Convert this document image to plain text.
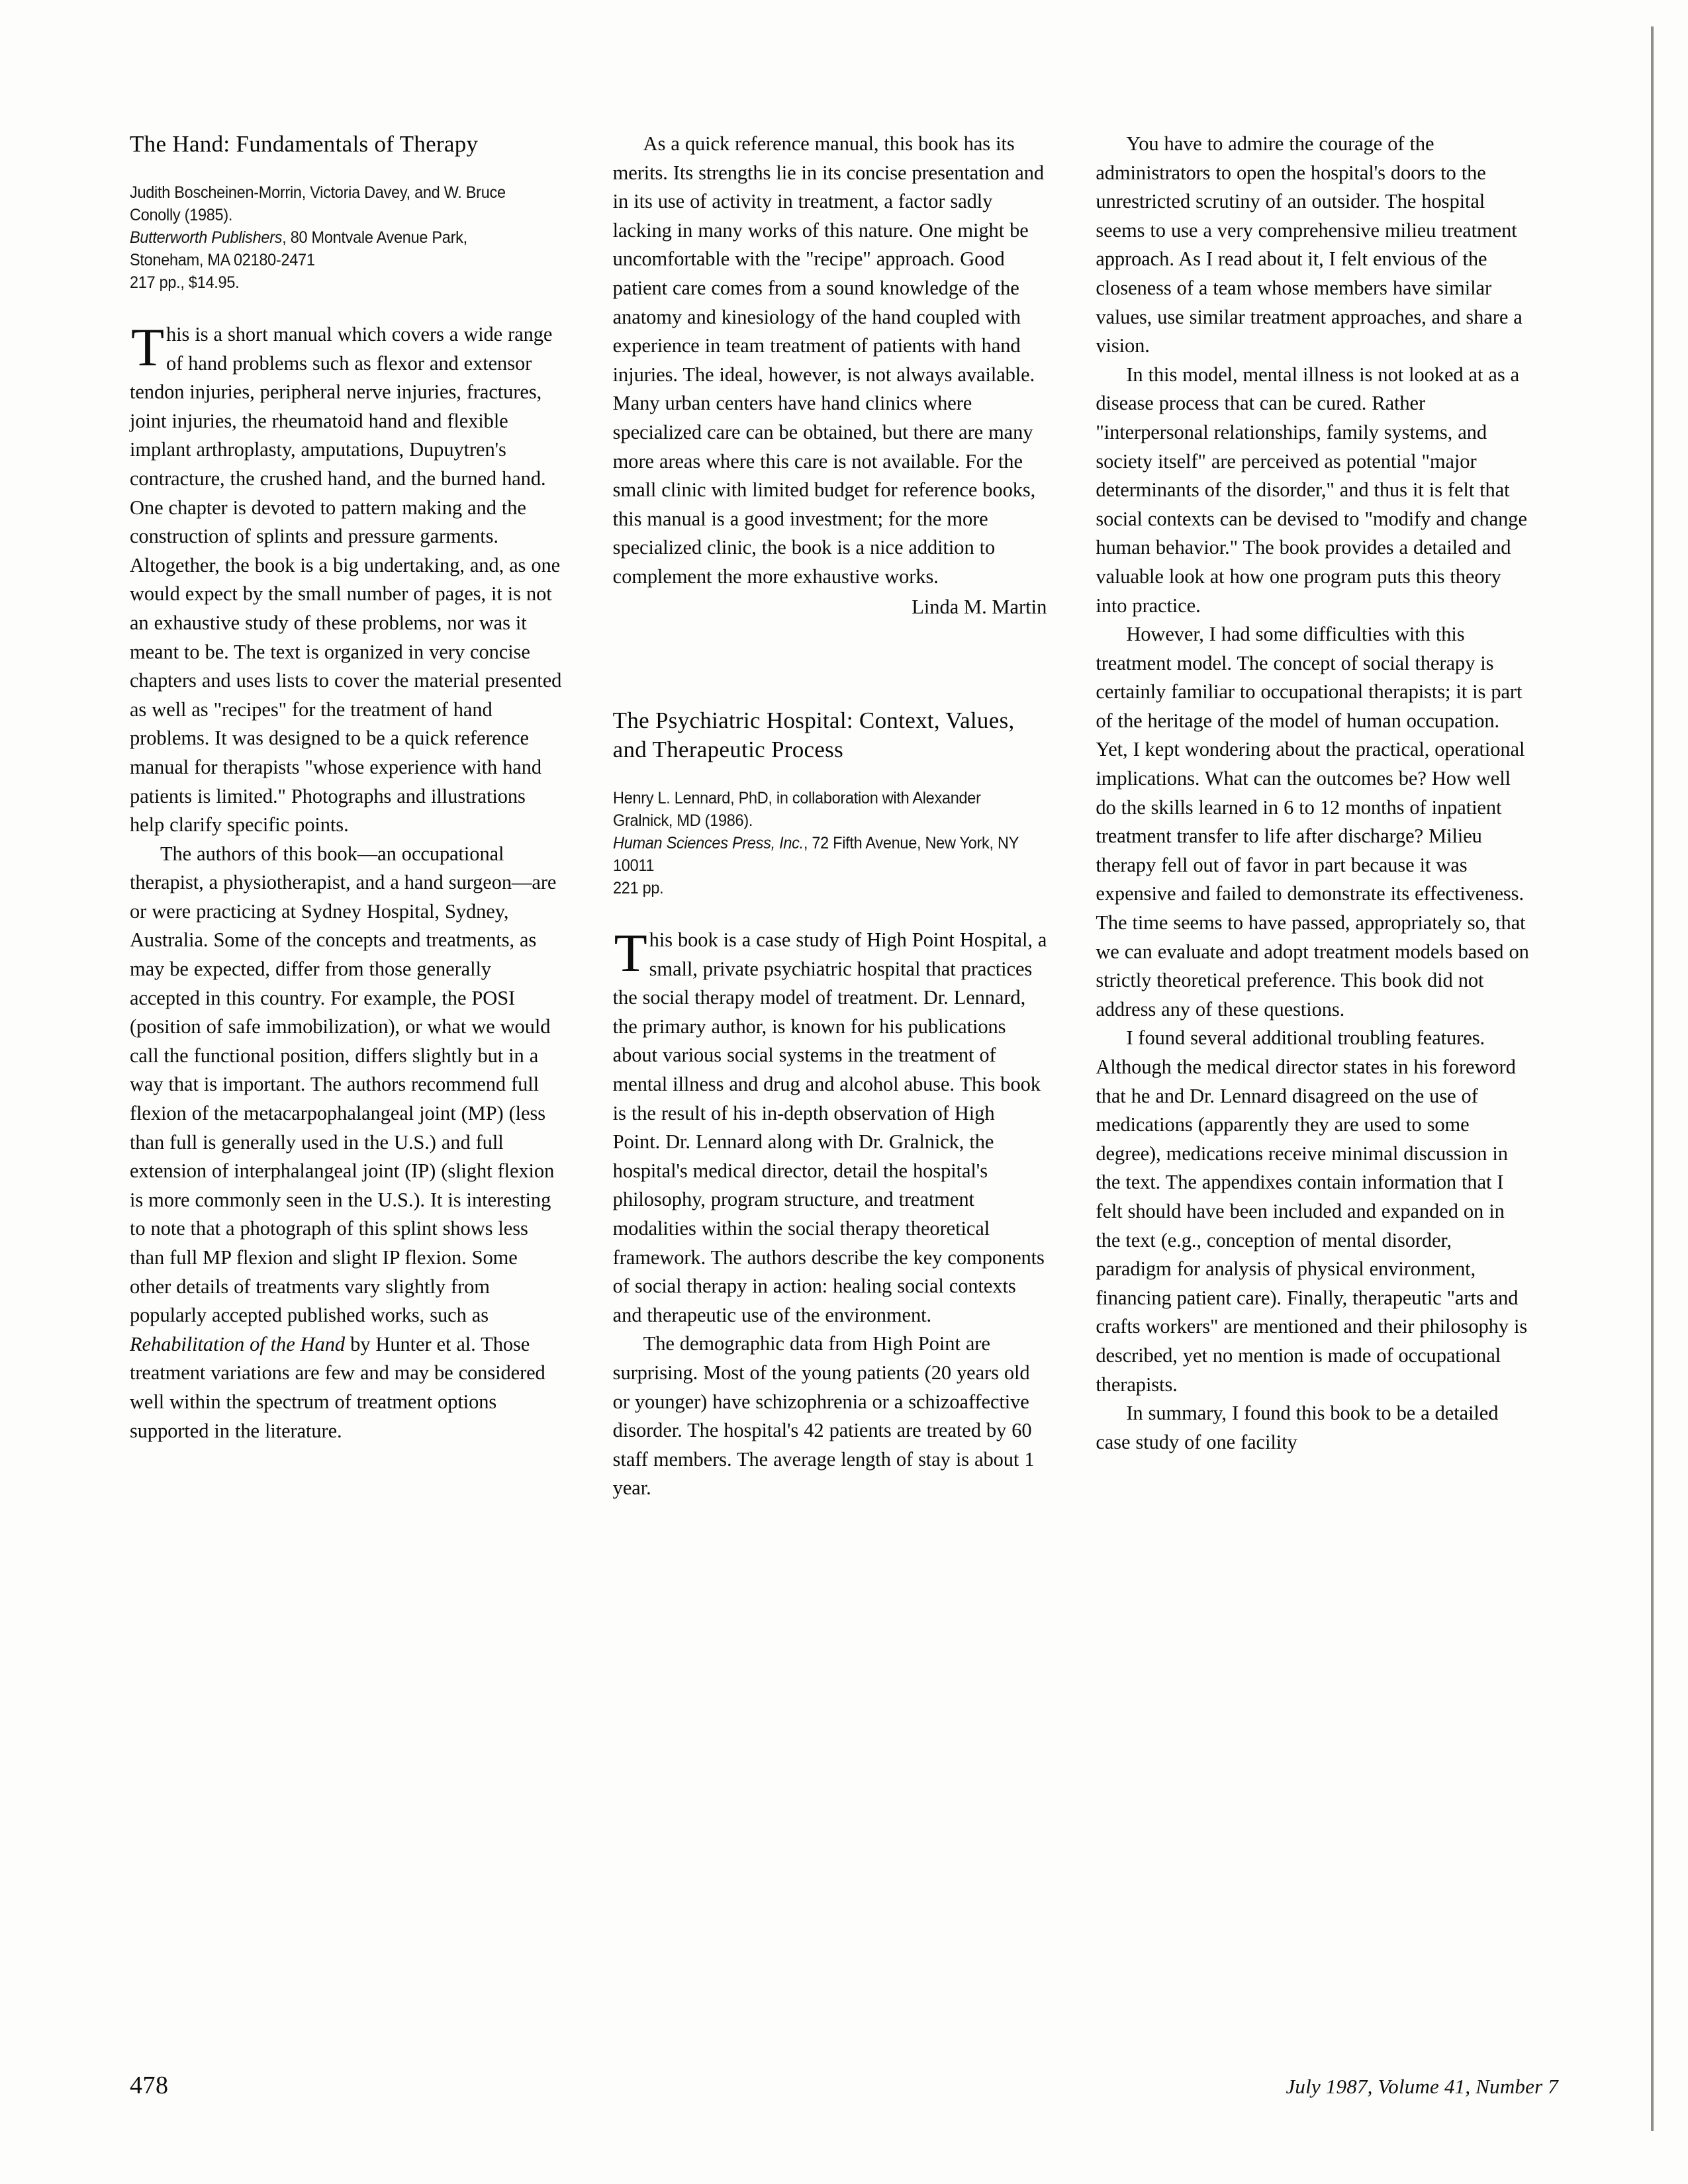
The Hand: Fundamentals of Therapy
Judith Boscheinen-Morrin, Victoria Davey, and W. Bruce Conolly (1985).
Butterworth Publishers, 80 Montvale Avenue Park, Stoneham, MA 02180-2471
217 pp., $14.95.

This is a short manual which covers a wide range of hand problems such as flexor and extensor tendon injuries, peripheral nerve injuries, fractures, joint injuries, the rheumatoid hand and flexible implant arthroplasty, amputations, Dupuytren's contracture, the crushed hand, and the burned hand. One chapter is devoted to pattern making and the construction of splints and pressure garments. Altogether, the book is a big undertaking, and, as one would expect by the small number of pages, it is not an exhaustive study of these problems, nor was it meant to be. The text is organized in very concise chapters and uses lists to cover the material presented as well as "recipes" for the treatment of hand problems. It was designed to be a quick reference manual for therapists "whose experience with hand patients is limited." Photographs and illustrations help clarify specific points.

The authors of this book—an occupational therapist, a physiotherapist, and a hand surgeon—are or were practicing at Sydney Hospital, Sydney, Australia. Some of the concepts and treatments, as may be expected, differ from those generally accepted in this country. For example, the POSI (position of safe immobilization), or what we would call the functional position, differs slightly but in a way that is important. The authors recommend full flexion of the metacarpophalangeal joint (MP) (less than full is generally used in the U.S.) and full extension of interphalangeal joint (IP) (slight flexion is more commonly seen in the U.S.). It is interesting to note that a photograph of this splint shows less than full MP flexion and slight IP flexion. Some other details of treatments vary slightly from popularly accepted published works, such as Rehabilitation of the Hand by Hunter et al. Those treatment variations are few and may be considered well within the spectrum of treatment options supported in the literature.

As a quick reference manual, this book has its merits. Its strengths lie in its concise presentation and in its use of activity in treatment, a factor sadly lacking in many works of this nature. One might be uncomfortable with the "recipe" approach. Good patient care comes from a sound knowledge of the anatomy and kinesiology of the hand coupled with experience in team treatment of patients with hand injuries. The ideal, however, is not always available. Many urban centers have hand clinics where specialized care can be obtained, but there are many more areas where this care is not available. For the small clinic with limited budget for reference books, this manual is a good investment; for the more specialized clinic, the book is a nice addition to complement the more exhaustive works.

Linda M. Martin

The Psychiatric Hospital: Context, Values, and Therapeutic Process
Henry L. Lennard, PhD, in collaboration with Alexander Gralnick, MD (1986).
Human Sciences Press, Inc., 72 Fifth Avenue, New York, NY 10011
221 pp.

This book is a case study of High Point Hospital, a small, private psychiatric hospital that practices the social therapy model of treatment. Dr. Lennard, the primary author, is known for his publications about various social systems in the treatment of mental illness and drug and alcohol abuse. This book is the result of his in-depth observation of High Point. Dr. Lennard along with Dr. Gralnick, the hospital's medical director, detail the hospital's philosophy, program structure, and treatment modalities within the social therapy theoretical framework. The authors describe the key components of social therapy in action: healing social contexts and therapeutic use of the environment.

The demographic data from High Point are surprising. Most of the young patients (20 years old or younger) have schizophrenia or a schizoaffective disorder. The hospital's 42 patients are treated by 60 staff members. The average length of stay is about 1 year.

You have to admire the courage of the administrators to open the hospital's doors to the unrestricted scrutiny of an outsider. The hospital seems to use a very comprehensive milieu treatment approach. As I read about it, I felt envious of the closeness of a team whose members have similar values, use similar treatment approaches, and share a vision.

In this model, mental illness is not looked at as a disease process that can be cured. Rather "interpersonal relationships, family systems, and society itself" are perceived as potential "major determinants of the disorder," and thus it is felt that social contexts can be devised to "modify and change human behavior." The book provides a detailed and valuable look at how one program puts this theory into practice.

However, I had some difficulties with this treatment model. The concept of social therapy is certainly familiar to occupational therapists; it is part of the heritage of the model of human occupation. Yet, I kept wondering about the practical, operational implications. What can the outcomes be? How well do the skills learned in 6 to 12 months of inpatient treatment transfer to life after discharge? Milieu therapy fell out of favor in part because it was expensive and failed to demonstrate its effectiveness. The time seems to have passed, appropriately so, that we can evaluate and adopt treatment models based on strictly theoretical preference. This book did not address any of these questions.

I found several additional troubling features. Although the medical director states in his foreword that he and Dr. Lennard disagreed on the use of medications (apparently they are used to some degree), medications receive minimal discussion in the text. The appendixes contain information that I felt should have been included and expanded on in the text (e.g., conception of mental disorder, paradigm for analysis of physical environment, financing patient care). Finally, therapeutic "arts and crafts workers" are mentioned and their philosophy is described, yet no mention is made of occupational therapists.

In summary, I found this book to be a detailed case study of one facility

478	July 1987, Volume 41, Number 7
